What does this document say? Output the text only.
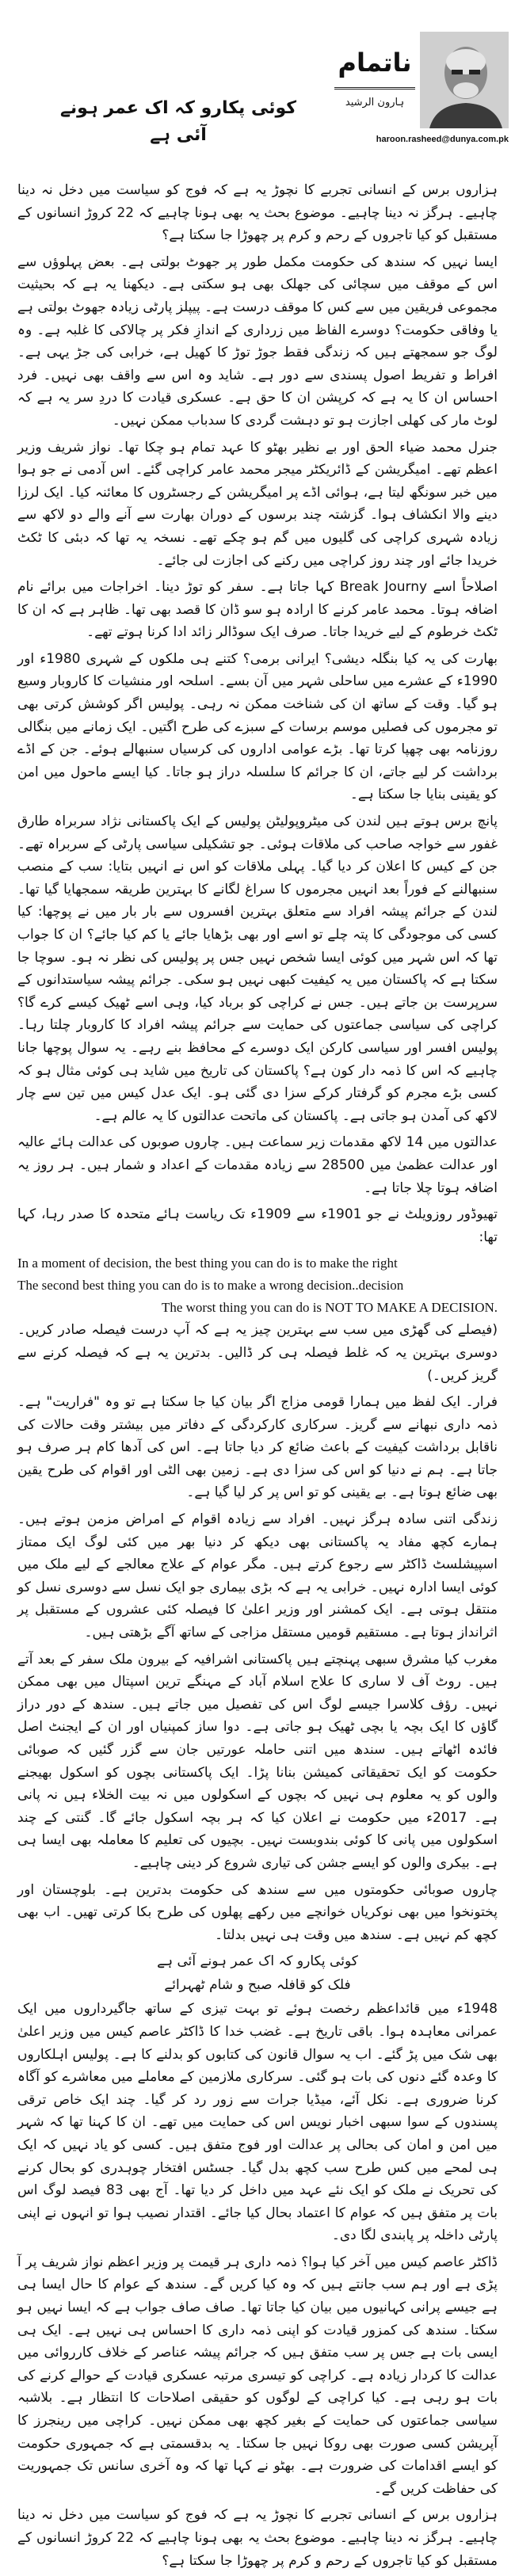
کوئی پکارو کہ اک عمر ہونے آئی ہے
ناتمام
ہارون الرشید
haroon.rasheed@dunya.com.pk

ہزاروں برس کے انسانی تجربے کا نچوڑ یہ ہے کہ فوج کو سیاست میں دخل نہ دینا چاہیے۔ ہرگز نہ دینا چاہیے۔ موضوع بحث یہ بھی ہونا چاہیے کہ 22 کروڑ انسانوں کے مستقبل کو کیا تاجروں کے رحم و کرم پر چھوڑا جا سکتا ہے؟

ایسا نہیں کہ سندھ کی حکومت مکمل طور پر جھوٹ بولتی ہے۔ بعض پہلوؤں سے اس کے موقف میں سچائی کی جھلک بھی ہو سکتی ہے۔ دیکھنا یہ ہے کہ بحیثیت مجموعی فریقین میں سے کس کا موقف درست ہے۔ پیپلز پارٹی زیادہ جھوٹ بولتی ہے یا وفاقی حکومت؟ دوسرے الفاظ میں زرداری کے اندازِ فکر پر چالاکی کا غلبہ ہے۔ وہ لوگ جو سمجھتے ہیں کہ زندگی فقط جوڑ توڑ کا کھیل ہے، خرابی کی جڑ یہی ہے۔ افراط و تفریط اصول پسندی سے دور ہے۔ شاید وہ اس سے واقف بھی نہیں۔ فرد احساس ان کا یہ ہے کہ کرپشن ان کا حق ہے۔ عسکری قیادت کا دردِ سر یہ ہے کہ لوٹ مار کی کھلی اجازت ہو تو دہشت گردی کا سدباب ممکن نہیں۔

جنرل محمد ضیاء الحق اور بے نظیر بھٹو کا عہد تمام ہو چکا تھا۔ نواز شریف وزیر اعظم تھے۔ امیگریشن کے ڈائریکٹر میجر محمد عامر کراچی گئے۔ اس آدمی نے جو ہوا میں خبر سونگھ لیتا ہے، ہوائی اڈے پر امیگریشن کے رجسٹروں کا معائنہ کیا۔ ایک لرزا دینے والا انکشاف ہوا۔ گزشتہ چند برسوں کے دوران بھارت سے آنے والے دو لاکھ سے زیادہ شہری کراچی کی گلیوں میں گم ہو چکے تھے۔ نسخہ یہ تھا کہ دبئی کا ٹکٹ خریدا جائے اور چند روز کراچی میں رکنے کی اجازت لی جائے۔

اصلاحاً اسے Break Journy کہا جاتا ہے۔ سفر کو توڑ دینا۔ اخراجات میں برائے نام اضافہ ہوتا۔ محمد عامر کرنے کا ارادہ ہو سو ڈان کا قصد بھی تھا۔ ظاہر ہے کہ ان کا ٹکٹ خرطوم کے لیے خریدا جاتا۔ صرف ایک سوڈالر زائد ادا کرنا ہوتے تھے۔

بھارت کی یہ کیا بنگلہ دیشی؟ ایرانی برمی؟ کتنے ہی ملکوں کے شہری 1980ء اور 1990ء کے عشرے میں ساحلی شہر میں آن بسے۔ اسلحہ اور منشیات کا کاروبار وسیع ہو گیا۔ وقت کے ساتھ ان کی شناخت ممکن نہ رہی۔ پولیس اگر کوشش کرتی بھی تو مجرموں کی فصلیں موسم برسات کے سبزے کی طرح اگتیں۔ ایک زمانے میں بنگالی روزنامہ بھی چھپا کرتا تھا۔ بڑے عوامی اداروں کی کرسیاں سنبھالے ہوئے۔ جن کے اڈے برداشت کر لیے جاتے، ان کا جرائم کا سلسلہ دراز ہو جاتا۔ کیا ایسے ماحول میں امن کو یقینی بنایا جا سکتا ہے۔

پانچ برس ہوتے ہیں لندن کی میٹروپولیٹن پولیس کے ایک پاکستانی نژاد سربراہ طارق غفور سے خواجہ صاحب کی ملاقات ہوئی۔ جو تشکیلی سیاسی پارٹی کے سربراہ تھے۔ جن کے کیس کا اعلان کر دیا گیا۔ پہلی ملاقات کو اس نے انہیں بتایا: سب کے منصب سنبھالنے کے فوراً بعد انہیں مجرموں کا سراغ لگانے کا بہترین طریقہ سمجھایا گیا تھا۔ لندن کے جرائم پیشہ افراد سے متعلق بہترین افسروں سے بار بار میں نے پوچھا: کیا کسی کی موجودگی کا پتہ چلے تو اسے اور بھی بڑھایا جائے یا کم کیا جائے؟ ان کا جواب تھا کہ اس شہر میں کوئی ایسا شخص نہیں جس پر پولیس کی نظر نہ ہو۔ سوچا جا سکتا ہے کہ پاکستان میں یہ کیفیت کبھی نہیں ہو سکی۔ جرائم پیشہ سیاستدانوں کے سرپرست بن جاتے ہیں۔ جس نے کراچی کو برباد کیا، وہی اسے ٹھیک کیسے کرے گا؟ کراچی کی سیاسی جماعتوں کی حمایت سے جرائم پیشہ افراد کا کاروبار چلتا رہا۔ پولیس افسر اور سیاسی کارکن ایک دوسرے کے محافظ بنے رہے۔ یہ سوال پوچھا جانا چاہیے کہ اس کا ذمہ دار کون ہے؟ پاکستان کی تاریخ میں شاید ہی کوئی مثال ہو کہ کسی بڑے مجرم کو گرفتار کرکے سزا دی گئی ہو۔ ایک عدل کیس میں تین سے چار لاکھ کی آمدن ہو جاتی ہے۔ پاکستان کی ماتحت عدالتوں کا یہ عالم ہے۔

عدالتوں میں 14 لاکھ مقدمات زیر سماعت ہیں۔ چاروں صوبوں کی عدالت ہائے عالیہ اور عدالت عظمیٰ میں 28500 سے زیادہ مقدمات کے اعداد و شمار ہیں۔ ہر روز یہ اضافہ ہوتا چلا جاتا ہے۔

تھیوڈور روزویلٹ نے جو 1901ء سے 1909ء تک ریاست ہائے متحدہ کا صدر رہا، کہا تھا:

In a moment of decision, the best thing you can do is to make the right

The second best thing you can do is to make a wrong decision..decision

The worst thing you can do is NOT TO MAKE A DECISION.

(فیصلے کی گھڑی میں سب سے بہترین چیز یہ ہے کہ آپ درست فیصلہ صادر کریں۔ دوسری بہترین یہ کہ غلط فیصلہ ہی کر ڈالیں۔ بدترین یہ ہے کہ فیصلہ کرنے سے گریز کریں۔)

فرار۔ ایک لفظ میں ہمارا قومی مزاج اگر بیان کیا جا سکتا ہے تو وہ "فراریت" ہے۔ ذمہ داری نبھانے سے گریز۔ سرکاری کارکردگی کے دفاتر میں بیشتر وقت حالات کی ناقابل برداشت کیفیت کے باعث ضائع کر دیا جاتا ہے۔ اس کی آدھا کام ہر صرف ہو جاتا ہے۔ ہم نے دنیا کو اس کی سزا دی ہے۔ زمین بھی الٹی اور اقوام کی طرح یقین بھی ضائع ہوتا ہے۔ بے یقینی کو تو اس پر کر لیا گیا ہے۔

زندگی اتنی سادہ ہرگز نہیں۔ افراد سے زیادہ اقوام کے امراض مزمن ہوتے ہیں۔ ہمارے کچھ مفاد یہ پاکستانی بھی دیکھ کر دنیا بھر میں کئی لوگ ایک ممتاز اسپیشلسٹ ڈاکٹر سے رجوع کرتے ہیں۔ مگر عوام کے علاج معالجے کے لیے ملک میں کوئی ایسا ادارہ نہیں۔ خرابی یہ ہے کہ بڑی بیماری جو ایک نسل سے دوسری نسل کو منتقل ہوتی ہے۔ ایک کمشنر اور وزیر اعلیٰ کا فیصلہ کئی عشروں کے مستقبل پر اثرانداز ہوتا ہے۔ مستقیم قومیں مستقل مزاجی کے ساتھ آگے بڑھتی ہیں۔

مغرب کیا مشرق سبھی پہنچتے ہیں پاکستانی اشرافیہ کے بیرون ملک سفر کے بعد آتے ہیں۔ روٹ آف لا ساری کا علاج اسلام آباد کے مہنگے ترین اسپتال میں بھی ممکن نہیں۔ رؤف کلاسرا جیسے لوگ اس کی تفصیل میں جاتے ہیں۔ سندھ کے دور دراز گاؤں کا ایک بچہ یا بچی ٹھیک ہو جاتی ہے۔ دوا ساز کمپنیاں اور ان کے ایجنٹ اصل فائدہ اٹھاتے ہیں۔ سندھ میں اتنی حاملہ عورتیں جان سے گزر گئیں کہ صوبائی حکومت کو ایک تحقیقاتی کمیشن بنانا پڑا۔ ایک پاکستانی بچوں کو اسکول بھیجنے والوں کو یہ معلوم ہی نہیں کہ بچوں کے اسکولوں میں نہ بیت الخلاء ہیں نہ پانی ہے۔ 2017ء میں حکومت نے اعلان کیا کہ ہر بچہ اسکول جائے گا۔ گنتی کے چند اسکولوں میں پانی کا کوئی بندوبست نہیں۔ بچیوں کی تعلیم کا معاملہ بھی ایسا ہی ہے۔ بیکری والوں کو ایسے جشن کی تیاری شروع کر دینی چاہیے۔

چاروں صوبائی حکومتوں میں سے سندھ کی حکومت بدترین ہے۔ بلوچستان اور پختونخوا میں بھی نوکریاں خوانچے میں رکھے پھلوں کی طرح بکا کرتی تھیں۔ اب بھی کچھ کم نہیں ہے۔ سندھ میں وقت ہی نہیں بدلتا۔

کوئی پکارو کہ اک عمر ہونے آئی ہے

فلک کو قافلہ صبح و شام ٹھہرائے

1948ء میں قائداعظم رخصت ہوئے تو بہت تیزی کے ساتھ جاگیرداروں میں ایک عمرانی معاہدہ ہوا۔ باقی تاریخ ہے۔ غضب خدا کا ڈاکٹر عاصم کیس میں وزیر اعلیٰ بھی شک میں پڑ گئے۔ اب یہ سوال قانون کی کتابوں کو بدلنے کا ہے۔ پولیس اہلکاروں کا وعدہ گئے دنوں کی بات ہو گئی۔ سرکاری ملازمین کے معاملے میں معاشرے کو آگاہ کرنا ضروری ہے۔ نکل آئے، میڈیا جرات سے زور رد کر گیا۔ چند ایک خاص ترقی پسندوں کے سوا سبھی اخبار نویس اس کی حمایت میں تھے۔ ان کا کہنا تھا کہ شہر میں امن و امان کی بحالی پر عدالت اور فوج متفق ہیں۔ کسی کو یاد نہیں کہ ایک ہی لمحے میں کس طرح سب کچھ بدل گیا۔ جسٹس افتخار چوہدری کو بحال کرنے کی تحریک نے ملک کو ایک نئے عہد میں داخل کر دیا تھا۔ آج بھی 83 فیصد لوگ اس بات پر متفق ہیں کہ عوام کا اعتماد بحال کیا جائے۔ اقتدار نصیب ہوا تو انہوں نے اپنی پارٹی داخلہ پر پابندی لگا دی۔

ڈاکٹر عاصم کیس میں آخر کیا ہوا؟ ذمہ داری ہر قیمت پر وزیر اعظم نواز شریف پر آ پڑی ہے اور ہم سب جانتے ہیں کہ وہ کیا کریں گے۔ سندھ کے عوام کا حال ایسا ہی ہے جیسے پرانی کہانیوں میں بیان کیا جاتا تھا۔ صاف صاف جواب ہے کہ ایسا نہیں ہو سکتا۔ سندھ کی کمزور قیادت کو اپنی ذمہ داری کا احساس ہی نہیں ہے۔ ایک ہی ایسی بات ہے جس پر سب متفق ہیں کہ جرائم پیشہ عناصر کے خلاف کارروائی میں عدالت کا کردار زیادہ ہے۔ کراچی کو تیسری مرتبہ عسکری قیادت کے حوالے کرنے کی بات ہو رہی ہے۔ کیا کراچی کے لوگوں کو حقیقی اصلاحات کا انتظار ہے۔ بلاشبہ سیاسی جماعتوں کی حمایت کے بغیر کچھ بھی ممکن نہیں۔ کراچی میں رینجرز کا آپریشن کسی صورت بھی روکا نہیں جا سکتا۔ یہ بدقسمتی ہے کہ جمہوری حکومت کو ایسے اقدامات کی ضرورت ہے۔ بھٹو نے کہا تھا کہ وہ آخری سانس تک جمہوریت کی حفاظت کریں گے۔

ہزاروں برس کے انسانی تجربے کا نچوڑ یہ ہے کہ فوج کو سیاست میں دخل نہ دینا چاہیے۔ ہرگز نہ دینا چاہیے۔ موضوع بحث یہ بھی ہونا چاہیے کہ 22 کروڑ انسانوں کے مستقبل کو کیا تاجروں کے رحم و کرم پر چھوڑا جا سکتا ہے؟
